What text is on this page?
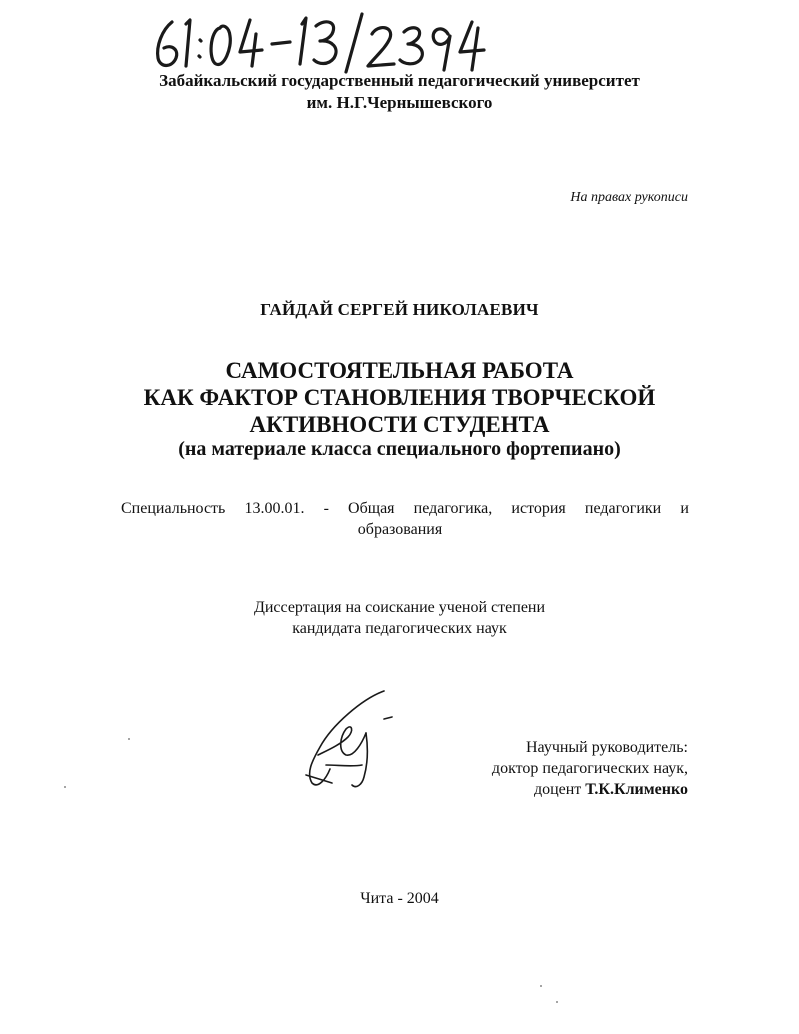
Забайкальский государственный педагогический университет
им. Н.Г.Чернышевского
На правах рукописи
ГАЙДАЙ СЕРГЕЙ НИКОЛАЕВИЧ
САМОСТОЯТЕЛЬНАЯ РАБОТА
КАК ФАКТОР СТАНОВЛЕНИЯ ТВОРЧЕСКОЙ
АКТИВНОСТИ СТУДЕНТА
(на материале класса специального фортепиано)
Специальность 13.00.01. - Общая педагогика, история педагогики и
образования
Диссертация на соискание ученой степени
кандидата педагогических наук
Научный руководитель:
доктор педагогических наук,
доцент Т.К.Клименко
Чита - 2004
